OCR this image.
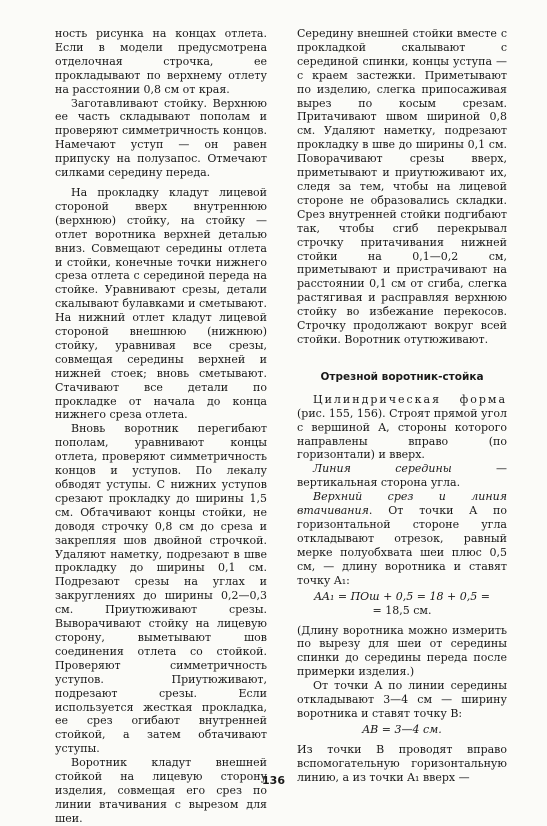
ность рисунка на концах отлета. Если в модели предусмотрена отделочная строчка, ее прокладывают по верхнему отлету на расстоянии 0,8 см от края.

Заготавливают стойку. Верхнюю ее часть складывают пополам и проверяют симметричность концов. Намечают уступ — он равен припуску на полузапос. Отмечают силками середину переда.

На прокладку кладут лицевой стороной вверх внутреннюю (верхнюю) стойку, на стойку — отлет воротника верхней деталью вниз. Совмещают середины отлета и стойки, конечные точки нижнего среза отлета с серединой переда на стойке. Уравнивают срезы, детали скалывают булавками и сметывают. На нижний отлет кладут лицевой стороной внешнюю (нижнюю) стойку, уравнивая все срезы, совмещая середины верхней и нижней стоек; вновь сметывают. Стачивают все детали по прокладке от начала до конца нижнего среза отлета.

Вновь воротник перегибают пополам, уравнивают концы отлета, проверяют симметричность концов и уступов. По лекалу обводят уступы. С нижних уступов срезают прокладку до ширины 1,5 см. Обтачивают концы стойки, не доводя строчку 0,8 см до среза и закрепляя шов двойной строчкой. Удаляют наметку, подрезают в шве прокладку до ширины 0,1 см. Подрезают срезы на углах и закруглениях до ширины 0,2—0,3 см. Приутюживают срезы. Выворачивают стойку на лицевую сторону, выметывают шов соединения отлета со стойкой. Проверяют симметричность уступов. Приутюживают, подрезают срезы. Если используется жесткая прокладка, ее срез огибают внутренней стойкой, а затем обтачивают уступы.

Воротник кладут внешней стойкой на лицевую сторону изделия, совмещая его срез по линии втачивания с вырезом для шеи.

Середину внешней стойки вместе с прокладкой скалывают с серединой спинки, концы уступа — с краем застежки. Приметывают по изделию, слегка припосаживая вырез по косым срезам. Притачивают швом шириной 0,8 см. Удаляют наметку, подрезают прокладку в шве до ширины 0,1 см. Поворачивают срезы вверх, приметывают и приутюживают их, следя за тем, чтобы на лицевой стороне не образовались складки. Срез внутренней стойки подгибают так, чтобы сгиб перекрывал строчку притачивания нижней стойки на 0,1—0,2 см, приметывают и пристрачивают на расстоянии 0,1 см от сгиба, слегка растягивая и расправляя верхнюю стойку во избежание перекосов. Строчку продолжают вокруг всей стойки. Воротник отутюживают.

Отрезной воротник-стойка

Цилиндрическая форма (рис. 155, 156). Строят прямой угол с вершиной A, стороны которого направлены вправо (по горизонтали) и вверх.

Линия середины — вертикальная сторона угла.

Верхний срез и линия втачивания. От точки A по горизонтальной стороне угла откладывают отрезок, равный мерке полуобхвата шеи плюс 0,5 см, — длину воротника и ставят точку A₁:

AA₁ = ПОш + 0,5 = 18 + 0,5 =
= 18,5 см.

(Длину воротника можно измерить по вырезу для шеи от середины спинки до середины переда после примерки изделия.)

От точки A по линии середины откладывают 3—4 см — ширину воротника и ставят точку B:

AB = 3—4 см.

Из точки B проводят вправо вспомогательную горизонтальную линию, а из точки A₁ вверх —

136
